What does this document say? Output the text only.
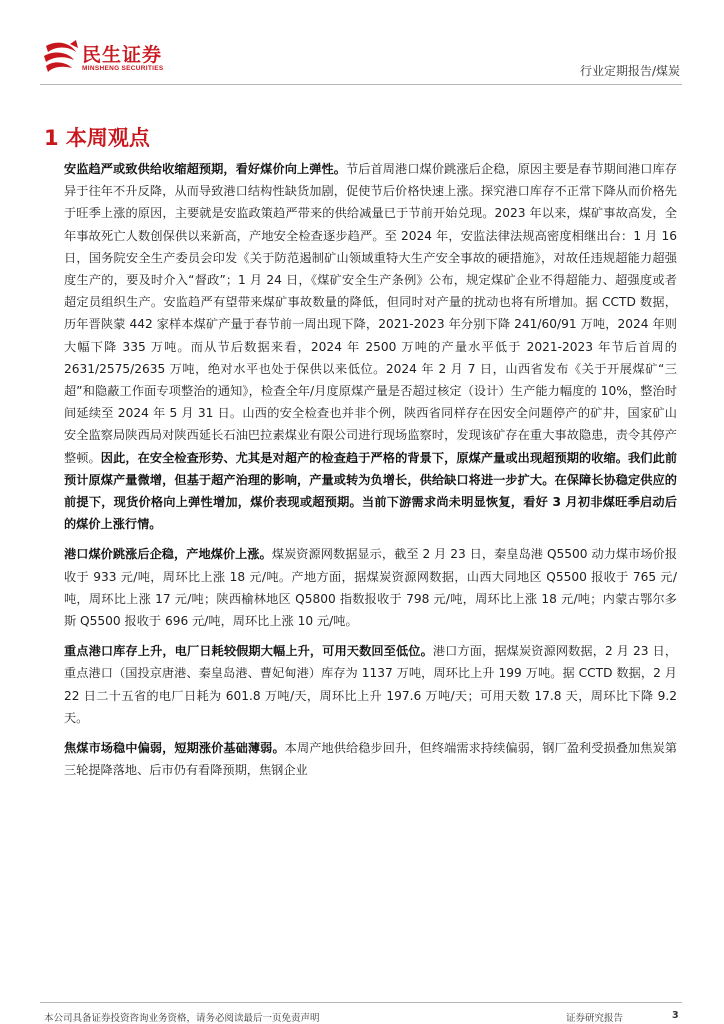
民生证券
MINSHENG SECURITIES	行业定期报告/煤炭
1 本周观点

安监趋严或致供给收缩超预期，看好煤价向上弹性。节后首周港口煤价跳涨后企稳，原因主要是春节期间港口库存异于往年不升反降，从而导致港口结构性缺货加剧，促使节后价格快速上涨。探究港口库存不正常下降从而价格先于旺季上涨的原因，主要就是安监政策趋严带来的供给减量已于节前开始兑现。2023 年以来，煤矿事故高发，全年事故死亡人数创保供以来新高，产地安全检查逐步趋严。至 2024 年，安监法律法规高密度相继出台：1 月 16 日，国务院安全生产委员会印发《关于防范遏制矿山领域重特大生产安全事故的硬措施》，对故任违规超能力超强度生产的，要及时介入“督政”；1 月 24 日，《煤矿安全生产条例》公布，规定煤矿企业不得超能力、超强度或者超定员组织生产。安监趋严有望带来煤矿事故数量的降低，但同时对产量的扰动也将有所增加。据 CCTD 数据，历年晋陕蒙 442 家样本煤矿产量于春节前一周出现下降，2021-2023 年分别下降 241/60/91 万吨，2024 年则大幅下降 335 万吨。而从节后数据来看，2024 年 2500 万吨的产量水平低于 2021-2023 年节后首周的 2631/2575/2635 万吨，绝对水平也处于保供以来低位。2024 年 2 月 7 日，山西省发布《关于开展煤矿“三超”和隐蔽工作面专项整治的通知》，检查全年/月度原煤产量是否超过核定（设计）生产能力幅度的 10%，整治时间延续至 2024 年 5 月 31 日。山西的安全检查也并非个例，陕西省同样存在因安全问题停产的矿井，国家矿山安全监察局陕西局对陕西延长石油巴拉素煤业有限公司进行现场监察时，发现该矿存在重大事故隐患，责令其停产整顿。因此，在安全检查形势、尤其是对超产的检查趋于严格的背景下，原煤产量或出现超预期的收缩。我们此前预计原煤产量微增，但基于超产治理的影响，产量或转为负增长，供给缺口将进一步扩大。在保障长协稳定供应的前提下，现货价格向上弹性增加，煤价表现或超预期。当前下游需求尚未明显恢复，看好 3 月初非煤旺季启动后的煤价上涨行情。

港口煤价跳涨后企稳，产地煤价上涨。煤炭资源网数据显示，截至 2 月 23 日，秦皇岛港 Q5500 动力煤市场价报收于 933 元/吨，周环比上涨 18 元/吨。产地方面，据煤炭资源网数据，山西大同地区 Q5500 报收于 765 元/吨，周环比上涨 17 元/吨；陕西榆林地区 Q5800 指数报收于 798 元/吨，周环比上涨 18 元/吨；内蒙古鄂尔多斯 Q5500 报收于 696 元/吨，周环比上涨 10 元/吨。

重点港口库存上升，电厂日耗较假期大幅上升，可用天数回至低位。港口方面，据煤炭资源网数据，2 月 23 日，重点港口（国投京唐港、秦皇岛港、曹妃甸港）库存为 1137 万吨，周环比上升 199 万吨。据 CCTD 数据，2 月 22 日二十五省的电厂日耗为 601.8 万吨/天，周环比上升 197.6 万吨/天；可用天数 17.8 天，周环比下降 9.2 天。

焦煤市场稳中偏弱，短期涨价基础薄弱。本周产地供给稳步回升，但终端需求持续偏弱，钢厂盈利受损叠加焦炭第三轮提降落地、后市仍有看降预期，焦钢企业

本公司具备证券投资咨询业务资格，请务必阅读最后一页免责声明	证券研究报告	3
